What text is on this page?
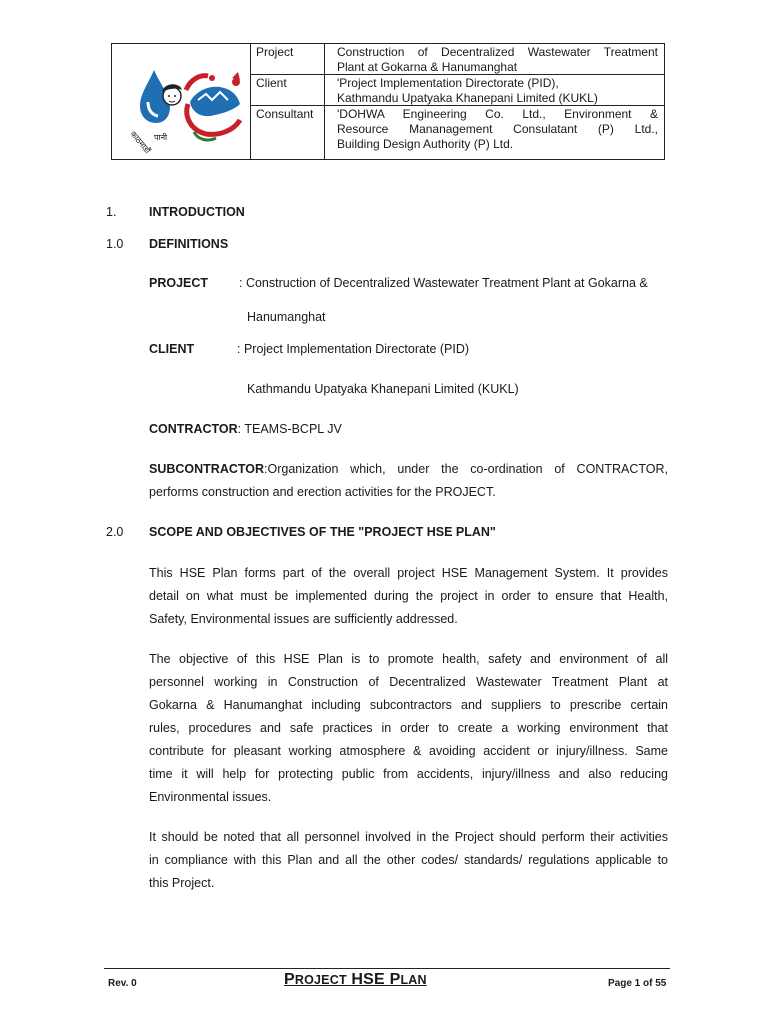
काठमाडौं पानी
Project	Construction of Decentralized Wastewater Treatment
Plant at Gokarna & Hanumanghat
Client	'Project Implementation Directorate (PID),
Kathmandu Upatyaka Khanepani Limited (KUKL)
Consultant	'DOHWA Engineering Co. Ltd., Environment &
Resource Mananagement Consulatant (P) Ltd.,
Building Design Authority (P) Ltd.
1.	INTRODUCTION
1.0 DEFINITIONS
PROJECT : Construction of Decentralized Wastewater Treatment Plant at Gokarna &
Hanumanghat
CLIENT	: Project Implementation Directorate (PID)
Kathmandu Upatyaka Khanepani Limited (KUKL)
CONTRACTOR: TEAMS-BCPL JV
SUBCONTRACTOR:Organization which, under the co-ordination of CONTRACTOR,
performs construction and erection activities for the PROJECT.
2.0 SCOPE AND OBJECTIVES OF THE "PROJECT HSE PLAN"
This HSE Plan forms part of the overall project HSE Management System. It provides
detail on what must be implemented during the project in order to ensure that Health,
Safety, Environmental issues are sufficiently addressed.
The objective of this HSE Plan is to promote health, safety and environment of all
personnel working in Construction of Decentralized Wastewater Treatment Plant at
Gokarna & Hanumanghat including subcontractors and suppliers to prescribe certain
rules, procedures and safe practices in order to create a working environment that
contribute for pleasant working atmosphere & avoiding accident or injury/illness. Same
time it will help for protecting public from accidents, injury/illness and also reducing
Environmental issues.
It should be noted that all personnel involved in the Project should perform their activities
in compliance with this Plan and all the other codes/ standards/ regulations applicable to
this Project.
Rev. 0	PROJECT HSE PLAN	Page 1 of 55
